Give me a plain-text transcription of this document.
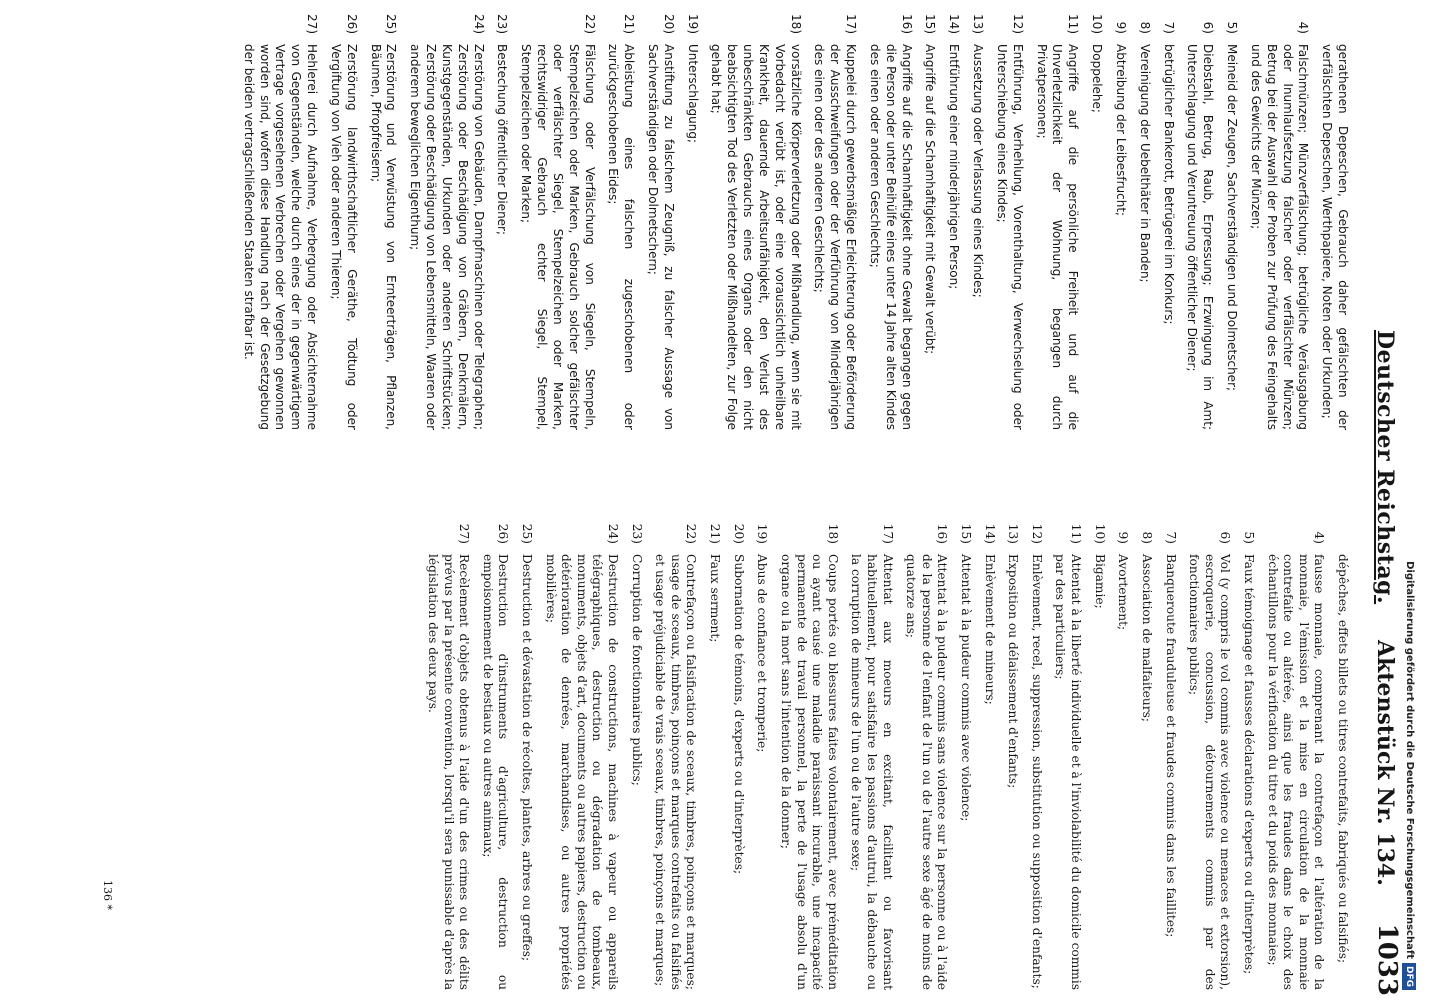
Deutscher Reichstag.
Aktenstück Nr. 134.
1033
gerathenen Depeschen, Gebrauch daher gefälschten der verfälschten Depeschen, Werthpapiere, Noten oder Urkunden;
4)
Falschmünzen; Münzverfälschung; betrügliche Veräusgabung oder Inumlaufsetzung falscher oder verfälschter Münzen; Betrug bei der Auswahl der Proben zur Prüfung des Feingehalts und des Gewichts der Münzen;
5)
Meineid der Zeugen, Sachverständigen und Dolmetscher;
6)
Diebstahl, Betrug, Raub, Erpressung; Erzwingung im Amt; Unterschlagung und Veruntreuung öffentlicher Diener;
7)
betrüglicher Bankerott, Betrügerei im Konkurs;
8)
Vereinigung der Uebelthäter in Banden;
9)
Abtreibung der Leibesfrucht;
10)
Doppelehe;
11)
Angriffe auf die persönliche Freiheit und auf die Unverletzlichkeit der Wohnung, begangen durch Privatpersonen;
12)
Entführung, Verhehlung, Vorenthaltung, Verwechselung oder Unterschiebung eines Kindes;
13)
Aussetzung oder Verlassung eines Kindes;
14)
Entführung einer minderjährigen Person;
15)
Angriffe auf die Schamhaftigkeit mit Gewalt verübt;
16)
Angriffe auf die Schamhaftigkeit ohne Gewalt begangen gegen die Person oder unter Beihülfe eines unter 14 Jahre alten Kindes des einen oder anderen Geschlechts;
17)
Kuppelei durch gewerbsmäßige Erleichterung oder Beförderung der Ausschweifungen oder der Verführung von Minderjährigen des einen oder des anderen Geschlechts;
18)
vorsätzliche Körperverletzung oder Mißhandlung, wenn sie mit Vorbedacht verübt ist, oder eine voraussichtlich unheilbare Krankheit, dauernde Arbeitsunfähigkeit, den Verlust des unbeschränkten Gebrauchs eines Organs oder den nicht beabsichtigten Tod des Verletzten oder Mißhandelten, zur Folge gehabt hat;
19)
Unterschlagung;
20)
Anstiftung zu falschem Zeugniß, zu falscher Aussage von Sachverständigen oder Dolmetschern;
21)
Ableistung eines falschen zugeschobenen oder zurückgeschobenen Eides;
22)
Fälschung oder Verfälschung von Siegeln, Stempeln, Stempelzeichen oder Marken, Gebrauch solcher gefälschter oder verfälschter Siegel, Stempelzeichen oder Marken, rechtswidriger Gebrauch echter Siegel, Stempel, Stempelzeichen oder Marken;
23)
Bestechung öffentlicher Diener;
24)
Zerstörung von Gebäuden, Dampfmaschinen oder Telegraphen; Zerstörung oder Beschädigung von Gräbern, Denkmälern, Kunstgegenständen, Urkunden oder anderen Schriftstücken; Zerstörung oder Beschädigung von Lebensmitteln, Waaren oder anderem beweglichen Eigenthum;
25)
Zerstörung und Verwüstung von Ernteerträgen, Pflanzen, Bäumen, Pfropfreisern;
26)
Zerstörung landwirthschaftlicher Geräthe, Tödtung oder Vergiftung von Vieh oder anderen Thieren;
27)
Hehlerei durch Aufnahme, Verbergung oder Absichternahme von Gegenständen, welche durch eines der in gegenwärtigem Vertrage vorgesehenen Verbrechen oder Vergehen gewonnen worden sind, wofern diese Handlung nach der Gesetzgebung der beiden vertragschließenden Staaten strafbar ist.
dépêches, effets billets ou titres contrefaits, fabriqués ou falsifiés;
4)
fausse monnaie, comprenant la contrefaçon et l'altération de la monnaie, l'émission et la mise en circulation de la monnaie contrefaite ou altérée, ainsi que les fraudes dans le choix des échantillons pour la vérification du titre et du poids des monnaies;
5)
Faux témoignage et fausses déclarations d'experts ou d'interprètes;
6)
Vol (y compris le vol commis avec violence ou menaces et extorsion), escroquerie, concussion, détournements commis par des fonctionnaires publics;
7)
Banqueroute frauduleuse et fraudes commis dans les faillites;
8)
Association de malfaiteurs;
9)
Avortement;
10)
Bigamie;
11)
Attentat à la liberté individuelle et à l'inviolabilité du domicile commis par des particuliers;
12)
Enlèvement, recel, suppression, substitution ou supposition d'enfants;
13)
Exposition ou délaissement d'enfants;
14)
Enlèvement de mineurs;
15)
Attentat à la pudeur commis avec violence;
16)
Attentat à la pudeur commis sans violence sur la personne ou à l'aide de la personne de l'enfant de l'un ou de l'autre sexe âgé de moins de quatorze ans;
17)
Attentat aux moeurs en excitant, facilitant ou favorisant habituellement, pour satisfaire les passions d'autrui, la débauche ou la corruption de mineurs de l'un ou de l'autre sexe;
18)
Coups portés ou blessures faites volontairement, avec préméditation ou ayant causé une maladie paraissant incurable, une incapacité permanente de travail personnel, la perte de l'usage absolu d'un organe ou la mort sans l'intention de la donner;
19)
Abus de confiance et tromperie;
20)
Subornation de témoins, d'experts ou d'interprètes;
21)
Faux serment;
22)
Contrefaçon ou falsification de sceaux, timbres, poinçons et marques; usage de sceaux, timbres, poinçons et marques contrefaits ou falsifiés et usage préjudiciable de vrais sceaux, timbres, poinçons et marques;
23)
Corruption de fonctionnaires publics;
24)
Destruction de constructions, machines à vapeur ou appareils télégraphiques, destruction ou dégradation de tombeaux, monuments, objets d'art, documents ou autres papiers, destruction ou détérioration de denrées, marchandises, ou autres propriétés mobilières;
25)
Destruction et dévastation de récoltes, plantes, arbres ou greffes;
26)
Destruction d'instruments d'agriculture, destruction ou empoisonnement de bestiaux ou autres animaux;
27)
Recèlement d'objets obtenus à l'aide d'un des crimes ou des délits prévus par la présente convention, lorsqu'il sera punissable d'après la législation des deux pays.
136 *	Digitalisierung gefördert durch die Deutsche ForschungsgemeinschaftDFG
